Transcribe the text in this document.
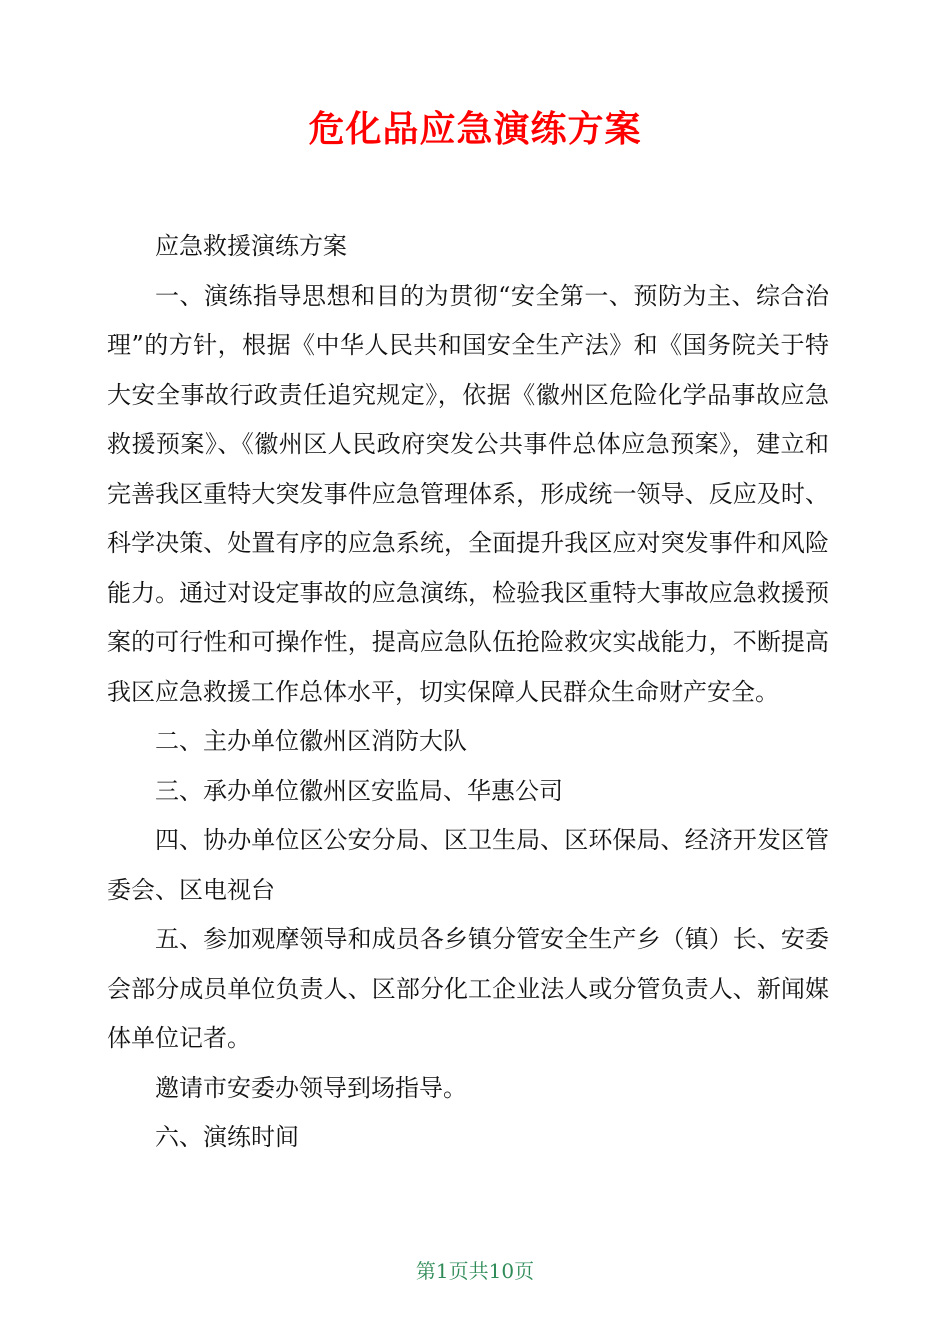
危化品应急演练方案

应急救援演练方案

一、演练指导思想和目的为贯彻“安全第一、预防为主、综合治理”的方针，根据《中华人民共和国安全生产法》和《国务院关于特大安全事故行政责任追究规定》，依据《徽州区危险化学品事故应急救援预案》、《徽州区人民政府突发公共事件总体应急预案》，建立和完善我区重特大突发事件应急管理体系，形成统一领导、反应及时、科学决策、处置有序的应急系统，全面提升我区应对突发事件和风险能力。通过对设定事故的应急演练，检验我区重特大事故应急救援预案的可行性和可操作性，提高应急队伍抢险救灾实战能力，不断提高我区应急救援工作总体水平，切实保障人民群众生命财产安全。

二、主办单位徽州区消防大队

三、承办单位徽州区安监局、华惠公司

四、协办单位区公安分局、区卫生局、区环保局、经济开发区管委会、区电视台

五、参加观摩领导和成员各乡镇分管安全生产乡（镇）长、安委会部分成员单位负责人、区部分化工企业法人或分管负责人、新闻媒体单位记者。

邀请市安委办领导到场指导。

六、演练时间

第1页共10页
